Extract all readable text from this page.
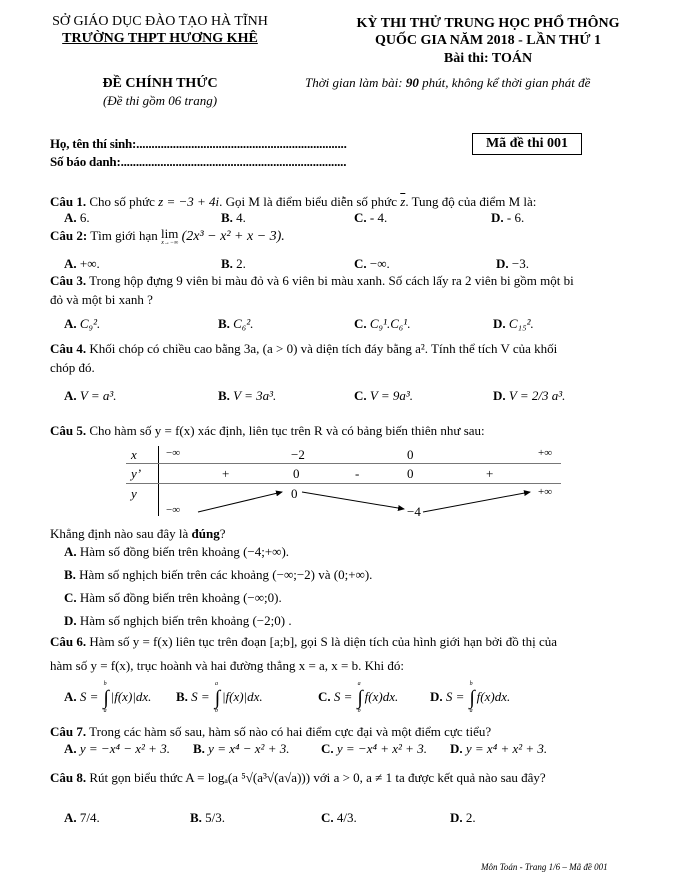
SỞ GIÁO DỤC ĐÀO TẠO HÀ TĨNH
TRƯỜNG THPT HƯƠNG KHÊ
ĐỀ CHÍNH THỨC
(Đề thi gồm 06 trang)
KỲ THI THỬ TRUNG HỌC PHỔ THÔNG
QUỐC GIA NĂM 2018 - LẦN THỨ 1
Bài thi: TOÁN
Thời gian làm bài: 90 phút, không kể thời gian phát đề
Họ, tên thí sinh:.....................................................................
Số báo danh:..........................................................................
Mã đề thi 001
Câu 1. Cho số phức z = −3 + 4i. Gọi M là điểm biểu diễn số phức $\overline{z}$. Tung độ của điểm M là:
A. 6.	B. 4.	C. - 4.	D. - 6.
Câu 2: Tìm giới hạn lim
x→−∞ (2x³ − x² + x − 3).
A. +∞.	B. 2.	C. −∞.	D. −3.
Câu 3. Trong hộp đựng 9 viên bi màu đỏ và 6 viên bi màu xanh. Số cách lấy ra 2 viên bi gồm một bi
đỏ và một bi xanh ?
A. C₉².	B. C₆².	C. C₉¹.C₆¹.	D. C₁₅².
Câu 4. Khối chóp có chiều cao bằng 3a, (a > 0) và diện tích đáy bằng a². Tính thể tích V của khối
chóp đó.
A. V = a³.	B. V = 3a³.	C. V = 9a³.	D. V = 2/3 a³.
Câu 5. Cho hàm số y = f(x) xác định, liên tục trên R và có bảng biến thiên như sau:
x	−∞	−2	0	+∞
y’	+	0	-	0	+
y
−∞
0
−4
+∞
Khẳng định nào sau đây là đúng?
A. Hàm số đồng biến trên khoảng (−4;+∞).
B. Hàm số nghịch biến trên các khoảng (−∞;−2) và (0;+∞).
C. Hàm số đồng biến trên khoảng (−∞;0).
D. Hàm số nghịch biến trên khoảng (−2;0) .
Câu 6. Hàm số y = f(x) liên tục trên đoạn [a;b], gọi S là diện tích của hình giới hạn bởi đồ thị của
hàm số y = f(x), trục hoành và hai đường thẳng x = a, x = b. Khi đó:
A. S = ∫
b
a
|f(x)|dx. B. S = ∫
a
b
|f(x)|dx.	C. S = ∫
a
b
f(x)dx. D. S = ∫
b
a
f(x)dx.
Câu 7. Trong các hàm số sau, hàm số nào có hai điểm cực đại và một điểm cực tiểu?
A. y = −x⁴ − x² + 3. B. y = x⁴ − x² + 3. C. y = −x⁴ + x² + 3. D. y = x⁴ + x² + 3.
Câu 8. Rút gọn biểu thức A = logₐ(a ⁵√(a³√(a√a))) với a > 0, a ≠ 1 ta được kết quả nào sau đây?
A. 7/4.	B. 5/3.	C. 4/3.	D. 2.
Môn Toán - Trang 1/6 – Mã đề 001
